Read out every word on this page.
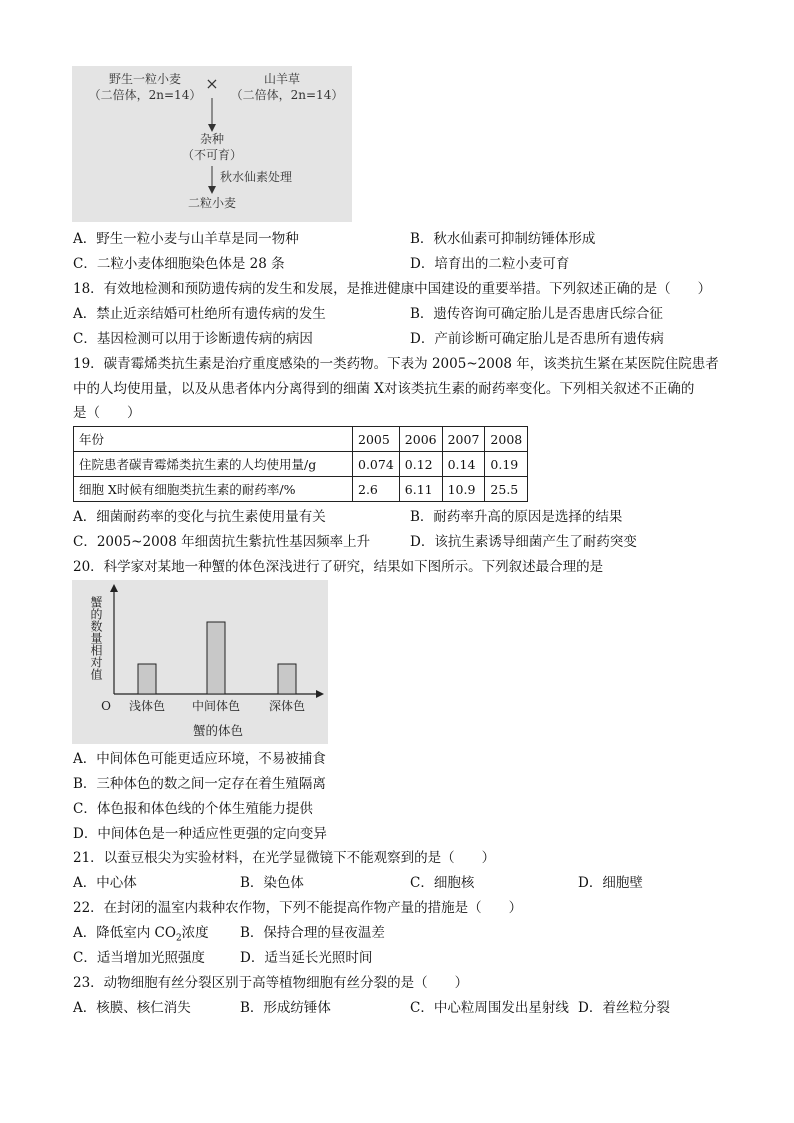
野生一粒小麦
（二倍体，2n=14）
×	山羊草
（二倍体，2n=14）
杂种
（不可育）
秋水仙素处理
二粒小麦
A．野生一粒小麦与山羊草是同一物种	B．秋水仙素可抑制纺锤体形成
C．二粒小麦体细胞染色体是 28 条	D．培育出的二粒小麦可育
18．有效地检测和预防遗传病的发生和发展，是推进健康中国建设的重要举措。下列叙述正确的是（　　）
A．禁止近亲结婚可杜绝所有遗传病的发生	B．遗传咨询可确定胎儿是否患唐氏综合征
C．基因检测可以用于诊断遗传病的病因	D．产前诊断可确定胎儿是否患所有遗传病
19．碳青霉烯类抗生素是治疗重度感染的一类药物。下表为 2005~2008 年，该类抗生紧在某医院住院患者
中的人均使用量，以及从患者体内分离得到的细菌 X对该类抗生素的耐药率变化。下列相关叙述不正确的
是（　　）
年份	2005	2006	2007	2008
住院患者碳青霉烯类抗生素的人均使用量/g	0.074	0.12	0.14	0.19
细胞 X时候有细胞类抗生素的耐药率/%	2.6	6.11	10.9	25.5
A．细菌耐药率的变化与抗生素使用量有关	B．耐药率升高的原因是选择的结果
C．2005~2008 年细茵抗生紫抗性基因频率上升	D．该抗生素诱导细菌产生了耐药突变
20．科学家对某地一种蟹的体色深浅进行了研究，结果如下图所示。下列叙述最合理的是
浅体色 中间体色 深体色
O
蟹的体色
蟹的数量相对值
A．中间体色可能更适应环境，不易被捕食
B．三种体色的数之间一定存在着生殖隔离
C．体色报和体色线的个体生殖能力提供
D．中间体色是一种适应性更强的定向变异
21．以蚕豆根尖为实验材料，在光学显微镜下不能观察到的是（　　）
A．中心体	B．染色体	C．细胞核	D．细胞壁
22．在封闭的温室内栽种农作物，下列不能提高作物产量的措施是（　　）
A．降低室内 $CO_2$浓度 B．保持合理的昼夜温差
C．适当增加光照强度	D．适当延长光照时间
23．动物细胞有丝分裂区别于高等植物细胞有丝分裂的是（　　）
A．核膜、核仁消失	B．形成纺锤体	C．中心粒周围发出星射线 D．着丝粒分裂
